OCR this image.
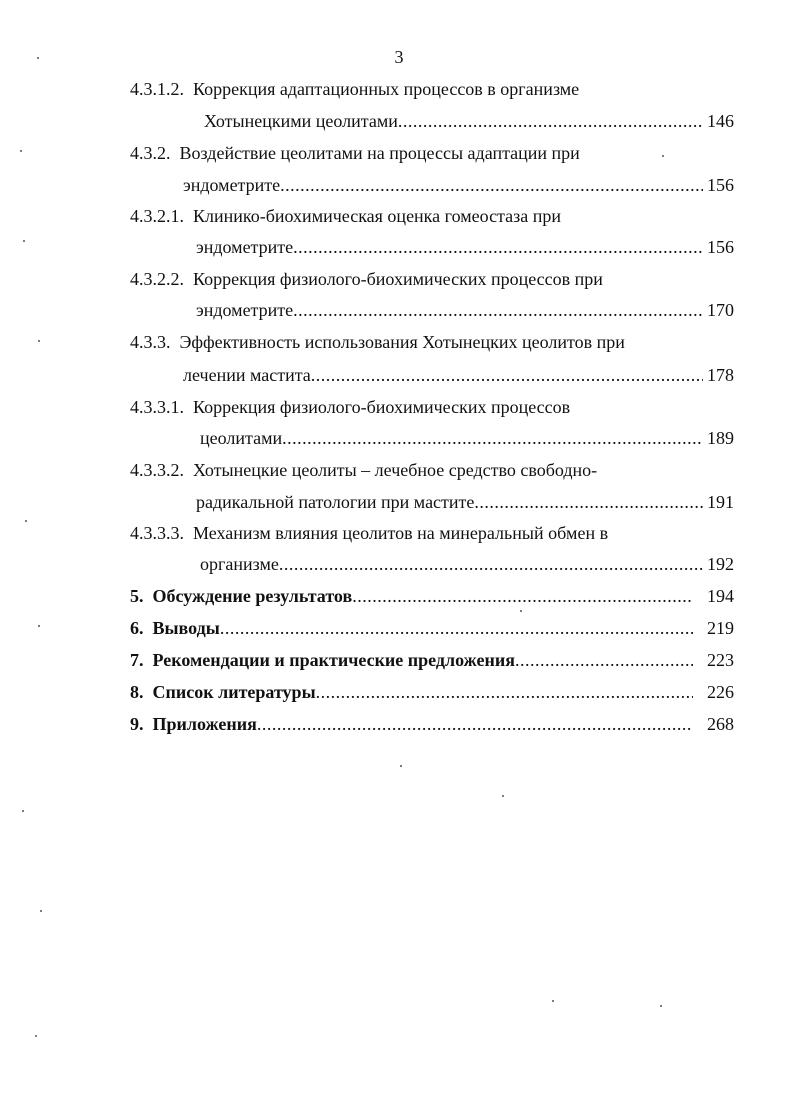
3
4.3.1.2. Коррекция адаптационных процессов в организме
Хотынецкими цеолитами .....	146
4.3.2. Воздействие цеолитами на процессы адаптации при
эндометрите .....	156
4.3.2.1. Клинико-биохимическая оценка гомеостаза при
эндометрите .....	156
4.3.2.2. Коррекция физиолого-биохимических процессов при
эндометрите .....	170
4.3.3. Эффективность использования Хотынецких цеолитов при
лечении мастита .....	178
4.3.3.1. Коррекция физиолого-биохимических процессов
цеолитами .....	189
4.3.3.2. Хотынецкие цеолиты – лечебное средство свободно-
радикальной патологии при мастите .....	191
4.3.3.3. Механизм влияния цеолитов на минеральный обмен в
организме .....	192
5.
Обсуждение результатов .....	194
6.
Выводы .....	219
7.
Рекомендации и практические предложения .....	223
8.
Список литературы .....	226
9.
Приложения .....	268
